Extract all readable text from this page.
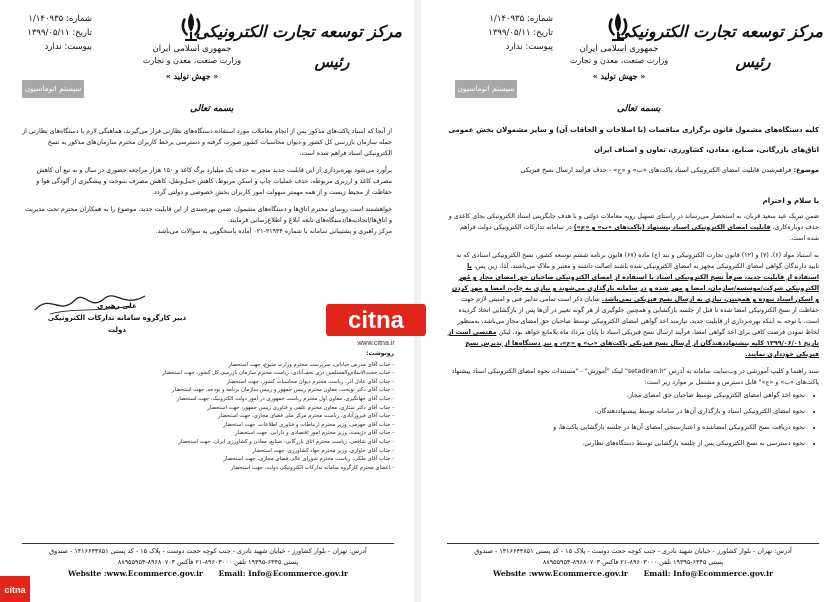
شماره: ۱/۱۴۰۹۳۵
تاریخ: ۱۳۹۹/۰۵/۱۱
پیوست: ندارد	جمهوری اسلامی ایران
وزارت صنعت، معدن و تجارت
« جهش تولید »
مرکز توسعه تجارت الکترونیکی
رئیس
سیستم اتوماسیون
بسمه تعالی

از آنجا که اسناد پاکت‌های مذکور پس از انجام معاملات مورد استفاده دستگاه‌های نظارتی قرار می‌گیرند، هماهنگی لازم با دستگاه‌های نظارتی از جمله سازمان بازرسی کل کشور و دیوان محاسبات کشور صورت گرفته و دسترسی برخط کاربران محترم سازمان‌های مذکور به نسخ الکترونیکی اسناد فراهم شده است.

برآورد می‌شود بهره‌برداری از این قابلیت جدید منجر به حذف یک میلیارد برگ کاغذ و ۱۵۰ هزار مراجعه حضوری در سال و به تبع آن کاهش مصرف کاغذ و ارزبری مربوطه، حذف عملیات چاپ و اسکن مربوط، کاهش حمل‌ونقل، کاهش مصرف سوخت و پیشگیری از آلودگی هوا و حفاظت از محیط زیست و از همه مهمتر سهولت امور کاربران بخش خصوصی و دولتی گردد.

خواهشمند است روسای محترم اتاق‌ها و دستگاه‌های مشمول، ضمن بهره‌مندی از این قابلیت جدید، موضوع را به همکاران محترم تحت مدیریت و اتاق‌ها/اتحادیه‌ها/دستگاه‌های تابعه ابلاغ و اطلاع‌رسانی فرمایند.

مرکز راهبری و پشتیبانی سامانه با شماره ۴۱۹۳۴-۰۲۱ آماده پاسخگویی به سوالات می‌باشد.

علی رهبری
دبیر کارگروه سامانه تدارکات الکترونیکی دولت
رونوشت:
- جناب آقای مدرس خیابانی، سرپرست محترم وزارت متبوع، جهت استحضار
- جناب حجت‌الاسلام‌والمسلمین دری نجف‌آبادی، ریاست محترم سازمان بازرسی کل کشور، جهت استحضار
- جناب آقای عادل آذر، ریاست محترم دیوان محاسبات کشور، جهت استحضار
- جناب آقای دکتر نوبخت، معاون محترم رییس جمهور و رییس سازمان برنامه و بودجه، جهت استحضار
- جناب آقای جهانگیری، معاون اول محترم ریاست جمهوری در امور دولت الکترونیک، جهت استحضار
- جناب آقای دکتر ستاری، معاون محترم علمی و فناوری رییس جمهور، جهت استحضار
- جناب آقای فیروزآبادی، ریاست محترم مرکز ملی فضای مجازی، جهت استحضار
- جناب آقای جهرمی، وزیر محترم ارتباطات و فناوری اطلاعات، جهت استحضار
- جناب آقای دژپسند، وزیر محترم امور اقتصادی و دارایی، جهت استحضار
- جناب آقای شافعی، ریاست محترم اتاق بازرگانی، صنایع، معادن و کشاورزی ایران، جهت استحضار
- جناب آقای خاوازی، وزیر محترم جهاد کشاورزی، جهت استحضار
- جناب آقای ملکی، ریاست محترم شورای عالی فضای مجازی، جهت استحضار
- اعضای محترم کارگروه سامانه تدارکات الکترونیکی دولت، جهت استحضار
آدرس: تهران - بلوار کشاورز - خیابان شهید نادری - جنب کوچه حجت دوست - پلاک ۱۵ - کد پستی ۱۴۱۶۶۴۳۸۵۱ - صندوق
پستی ۶۳۴۵-۱۹۳۹۵ تلفن ۸۹۶۰۳۰۰۰-۲۱ فاکس ۸۹۶۸۰۷۰۳-۸۸۹۵۵۹۵۳
Website :www.Ecommerce.gov.ir Email: Info@Ecommerce.gov.ir
شماره: ۱/۱۴۰۹۳۵
تاریخ: ۱۳۹۹/۰۵/۱۱
پیوست: ندارد	جمهوری اسلامی ایران
وزارت صنعت، معدن و تجارت
« جهش تولید »
مرکز توسعه تجارت الکترونیکی
رئیس
سیستم اتوماسیون
بسمه تعالی
کلیه دستگاه‌های مشمول قانون برگزاری مناقصات (با اصلاحات و الحاقات آن) و سایر مشمولان بخش عمومی
اتاق‌های بازرگانی، صنایع، معادن، کشاورزی، تعاون و اصناف ایران
موضوع: فراهم‌شدن قابلیت امضای الکترونیکی اسناد پاکت‌های «ب» و «ج» - حذف فرآیند ارسال نسخ فیزیکی
با سلام و احترام

ضمن تبریک عید سعید قربان، به استحضار می‌رساند در راستای تسهیل رویه معاملات دولتی و با هدف جایگزینی اسناد الکترونیکی بجای کاغذی و حذف دوباره‌کاری، قابلیت امضای الکترونیکی اسناد پیشنهاد (پاکت‌های «ب» و «ج») در سامانه تدارکات الکترونیکی دولت فراهم شده است.

به استناد مواد (۶)، (۷) و (۱۲) قانون تجارت الکترونیکی و بند (ج) ماده (۶۷) قانون برنامه ششم توسعه کشور، نسخ الکترونیکی اسنادی که به تایید دارندگان گواهی امضای الکترونیکی مجهز به امضای الکترونیکی شده باشند اصالت داشته و معتبر و ملاک می‌باشند، لذا، زین پس، با استفاده از قابلیت جدید، صرفاً نسخ الکترونیکی اسناد با استفاده از امضای الکترونیکی صاحبان حق امضای مجاز و مُهر الکترونیکی شرکت/موسسه/سازمان، امضا و مهر شده و در سامانه بارگذاری می‌شوند و نیازی به چاپ، امضا و مهر کردن و اسکن اسناد نبوده و همچنین، نیازی به ارسال نسخ فیزیکی نمی‌باشد. شایان ذکر است تمامی تدابیر فنی و امنیتی لازم جهت حفاظت از نسخ الکترونیکی امضا شده تا قبل از جلسه بازگشایی و همچنین جلوگیری از هر گونه تغییر در آن‌ها پس از بازگشایی اتخاذ گردیده است. با توجه به اینکه بهره‌برداری از قابلیت جدید، نیازمند اخذ گواهی امضای الکترونیکی توسط صاحبان حق امضای مجاز می‌باشد، به‌منظور لحاظ نمودن فرصت کافی برای اخذ گواهی امضا، فرآیند ارسال نسخ فیزیکی اسناد تا پایان مرداد ماه بلامانع خواهد بود، لیکن مقتضی است از تاریخ ۱۳۹۹/۰۶/۰۱ کلیه پیشنهاددهندگان از ارسال نسخ فیزیکی پاکت‌های «ب» و «ج»، و نیز دستگاه‌ها از پذیرش نسخ فیزیکی خودداری نمایند.

سند راهنما و کلیپ آموزشی در وب‌سایت سامانه به آدرس "setadiran.ir" لینک "آموزش" - "مستندات نحوه امضای الکترونیکی اسناد پیشنهاد پاکت‌های «ب» و «ج»" قابل دسترس و مشتمل بر موارد زیر است:

• نحوه اخذ گواهی امضای الکترونیکی توسط صاحبان حق امضای مجاز،
• نحوه امضای الکترونیکی اسناد و بارگذاری آن‌ها در سامانه توسط پیشنهاددهندگان،
• نحوه دریافت نسخ الکترونیکی امضاشده و اعتبارسنجی امضای آن‌ها در جلسه بازگشایی پاکت‌ها، و
• نحوه دسترسی به نسخ الکترونیکی پس از جلسه بازگشایی توسط دستگاه‌های نظارتی.
آدرس: تهران - بلوار کشاورز - خیابان شهید نادری - جنب کوچه حجت دوست - پلاک ۱۵ - کد پستی ۱۴۱۶۶۴۳۸۵۱ - صندوق
پستی ۶۳۴۵-۱۹۳۹۵ تلفن ۸۹۶۰۳۰۰۰-۲۱ فاکس ۸۹۶۸۰۷۰۳-۸۸۹۵۵۹۵۳
Website :www.Ecommerce.gov.ir Email: Info@Ecommerce.gov.ir
citna
www.citna.ir
citna
